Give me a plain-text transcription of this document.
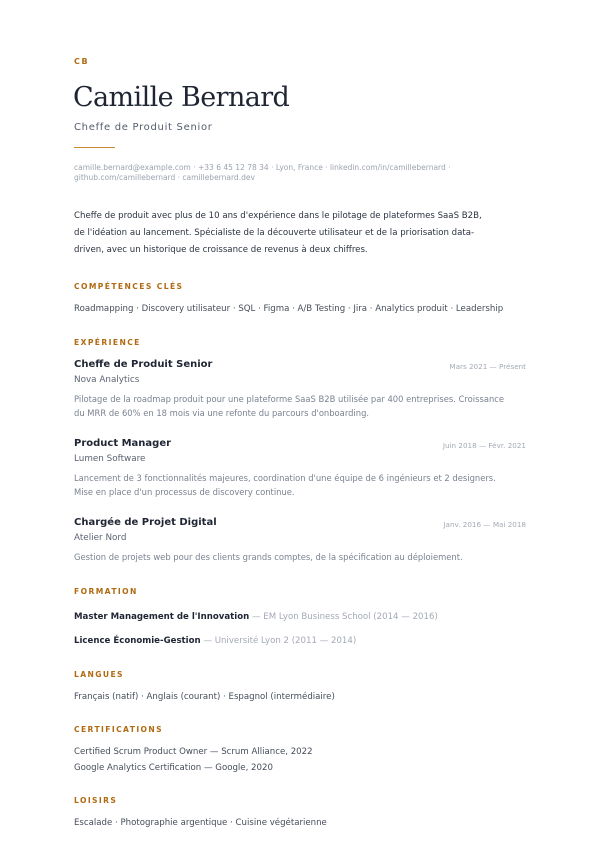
CB
Camille Bernard
Cheffe de Produit Senior
camille.bernard@example.com · +33 6 45 12 78 34 · Lyon, France · linkedin.com/in/camillebernard ·
github.com/camillebernard · camillebernard.dev
Cheffe de produit avec plus de 10 ans d'expérience dans le pilotage de plateformes SaaS B2B,
de l'idéation au lancement. Spécialiste de la découverte utilisateur et de la priorisation data-
driven, avec un historique de croissance de revenus à deux chiffres.
COMPÉTENCES CLÉS
Roadmapping · Discovery utilisateur · SQL · Figma · A/B Testing · Jira · Analytics produit · Leadership
EXPÉRIENCE
Cheffe de Produit Senior	Mars 2021 — Présent
Nova Analytics
Pilotage de la roadmap produit pour une plateforme SaaS B2B utilisée par 400 entreprises. Croissance
du MRR de 60% en 18 mois via une refonte du parcours d'onboarding.
Product Manager	Juin 2018 — Févr. 2021
Lumen Software
Lancement de 3 fonctionnalités majeures, coordination d'une équipe de 6 ingénieurs et 2 designers.
Mise en place d'un processus de discovery continue.
Chargée de Projet Digital	Janv. 2016 — Mai 2018
Atelier Nord
Gestion de projets web pour des clients grands comptes, de la spécification au déploiement.
FORMATION
Master Management de l'Innovation — EM Lyon Business School (2014 — 2016)
Licence Économie-Gestion — Université Lyon 2 (2011 — 2014)
LANGUES
Français (natif) · Anglais (courant) · Espagnol (intermédiaire)
CERTIFICATIONS
Certified Scrum Product Owner — Scrum Alliance, 2022
Google Analytics Certification — Google, 2020
LOISIRS
Escalade · Photographie argentique · Cuisine végétarienne
